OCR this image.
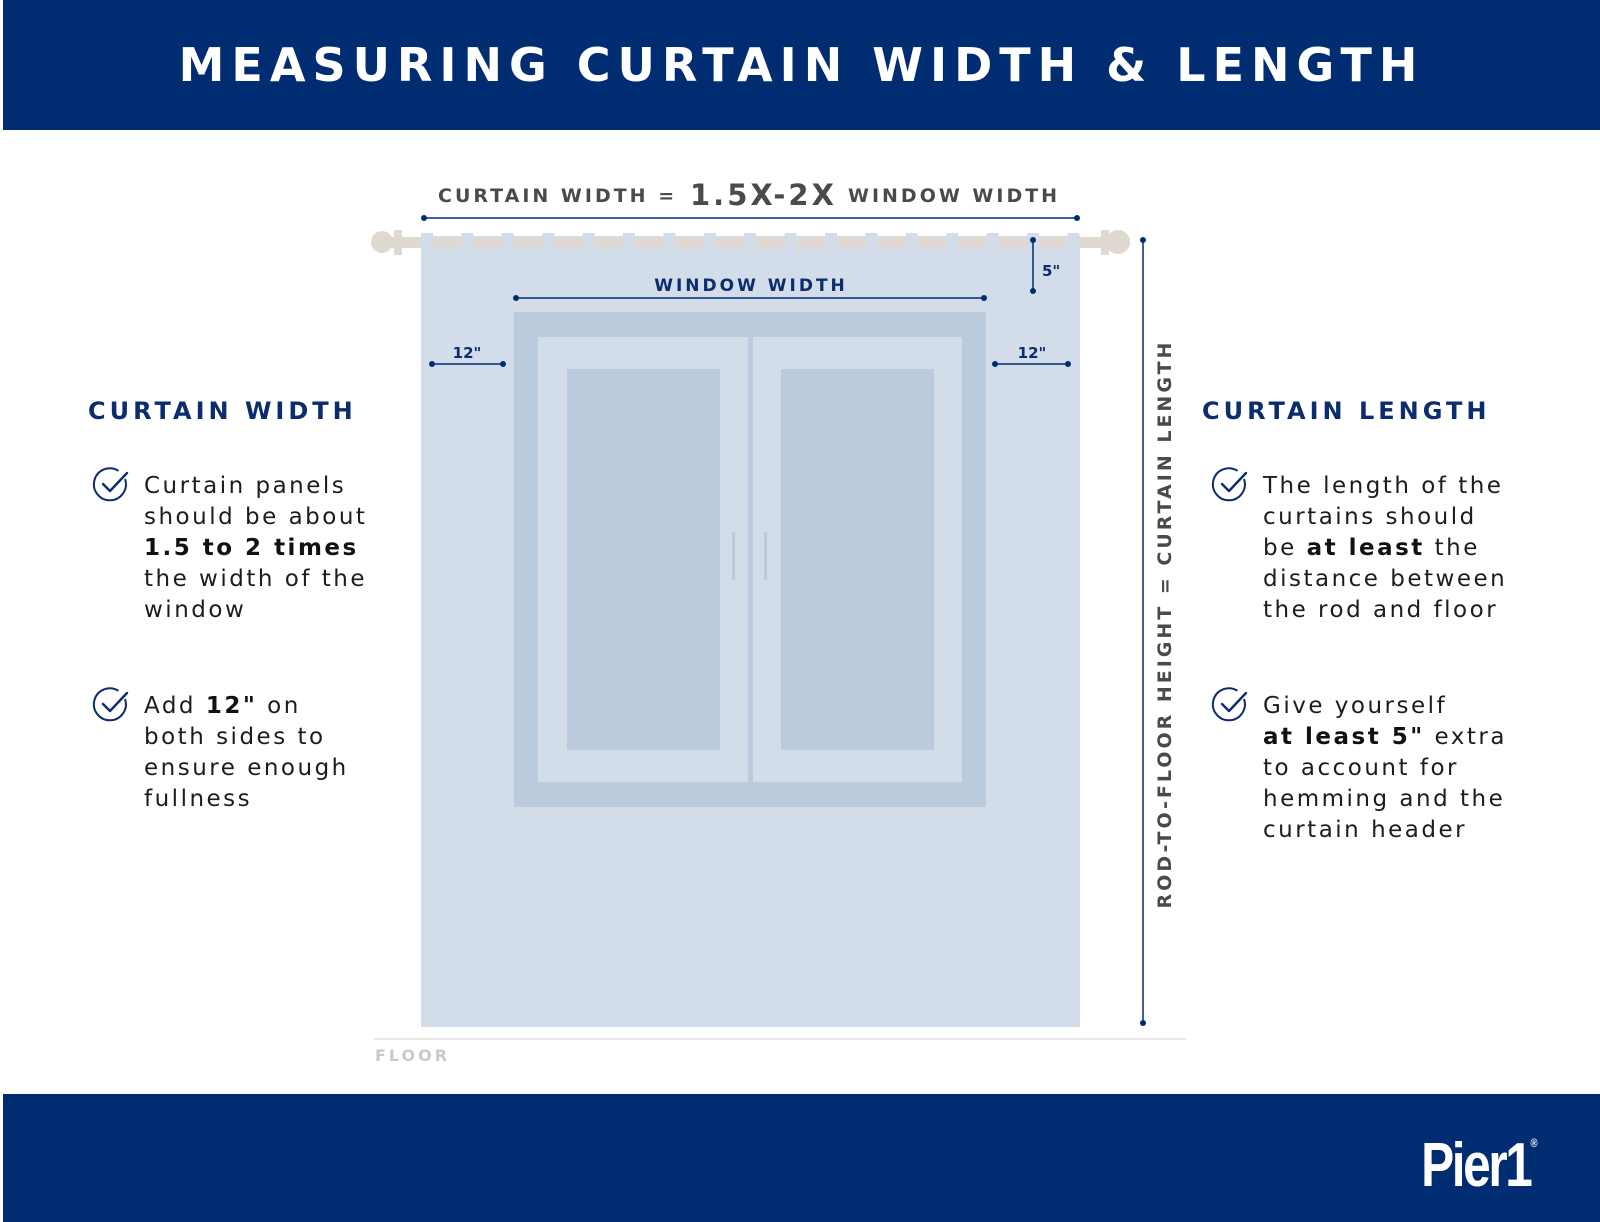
MEASURING CURTAIN WIDTH & LENGTH
CURTAIN WIDTH = 1.5X-2X WINDOW WIDTH
WINDOW WIDTH
5"
12"	12"	ROD-TO-FLOOR HEIGHT = CURTAIN LENGTH
FLOOR
CURTAIN WIDTH
Curtain panels
should be about
1.5 to 2 times
the width of the
window
Add 12" on
both sides to
ensure enough
fullness
CURTAIN LENGTH
The length of the
curtains should
be at least the
distance between
the rod and floor
Give yourself
at least 5" extra
to account for
hemming and the
curtain header
Pier1®
